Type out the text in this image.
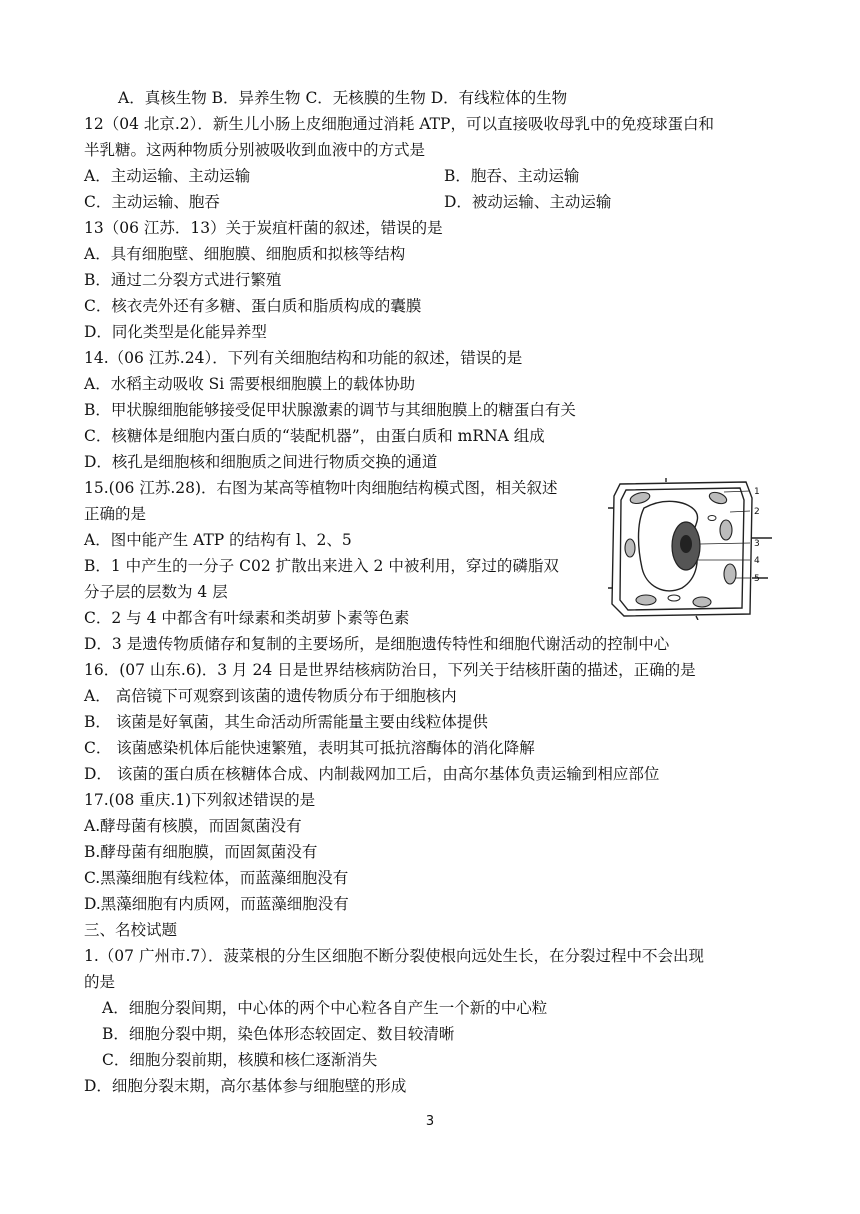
A．真核生物 B．异养生物 C．无核膜的生物 D．有线粒体的生物
12（04 北京.2）．新生儿小肠上皮细胞通过消耗 ATP，可以直接吸收母乳中的免疫球蛋白和
半乳糖。这两种物质分别被吸收到血液中的方式是
A．主动运输、主动运输	B．胞吞、主动运输
C．主动运输、胞吞	D．被动运输、主动运输
13（06 江苏．13）关于炭疽杆菌的叙述，错误的是
A．具有细胞壁、细胞膜、细胞质和拟核等结构
B．通过二分裂方式进行繁殖
C．核衣壳外还有多糖、蛋白质和脂质构成的囊膜
D．同化类型是化能异养型
14.（06 江苏.24）．下列有关细胞结构和功能的叙述，错误的是
A．水稻主动吸收 Si 需要根细胞膜上的载体协助
B．甲状腺细胞能够接受促甲状腺激素的调节与其细胞膜上的糖蛋白有关
C．核糖体是细胞内蛋白质的“装配机器”，由蛋白质和 mRNA 组成
D．核孔是细胞核和细胞质之间进行物质交换的通道
15.(06 江苏.28)．右图为某高等植物叶肉细胞结构模式图，相关叙述
正确的是
A．图中能产生 ATP 的结构有 l、2、5
B．1 中产生的一分子 C02 扩散出来进入 2 中被利用，穿过的磷脂双
分子层的层数为 4 层
C．2 与 4 中都含有叶绿素和类胡萝卜素等色素
D．3 是遗传物质储存和复制的主要场所，是细胞遗传特性和细胞代谢活动的控制中心
16．(07 山东.6)．3 月 24 日是世界结核病防治日，下列关于结核肝菌的描述，正确的是
A． 高倍镜下可观察到该菌的遗传物质分布于细胞核内
B． 该菌是好氧菌，其生命活动所需能量主要由线粒体提供
C． 该菌感染机体后能快速繁殖，表明其可抵抗溶酶体的消化降解
D． 该菌的蛋白质在核糖体合成、内制裁网加工后，由高尔基体负责运输到相应部位
17.(08 重庆.1)下列叙述错误的是
A.酵母菌有核膜，而固氮菌没有
B.酵母菌有细胞膜，而固氮菌没有
C.黑藻细胞有线粒体，而蓝藻细胞没有
D.黑藻细胞有内质网，而蓝藻细胞没有
三、名校试题
1.（07 广州市.7）．菠菜根的分生区细胞不断分裂使根向远处生长，在分裂过程中不会出现
的是
A．细胞分裂间期，中心体的两个中心粒各自产生一个新的中心粒
B．细胞分裂中期，染色体形态较固定、数目较清晰
C．细胞分裂前期，核膜和核仁逐渐消失
D．细胞分裂末期，高尔基体参与细胞壁的形成
1
2
3
4
5
3
